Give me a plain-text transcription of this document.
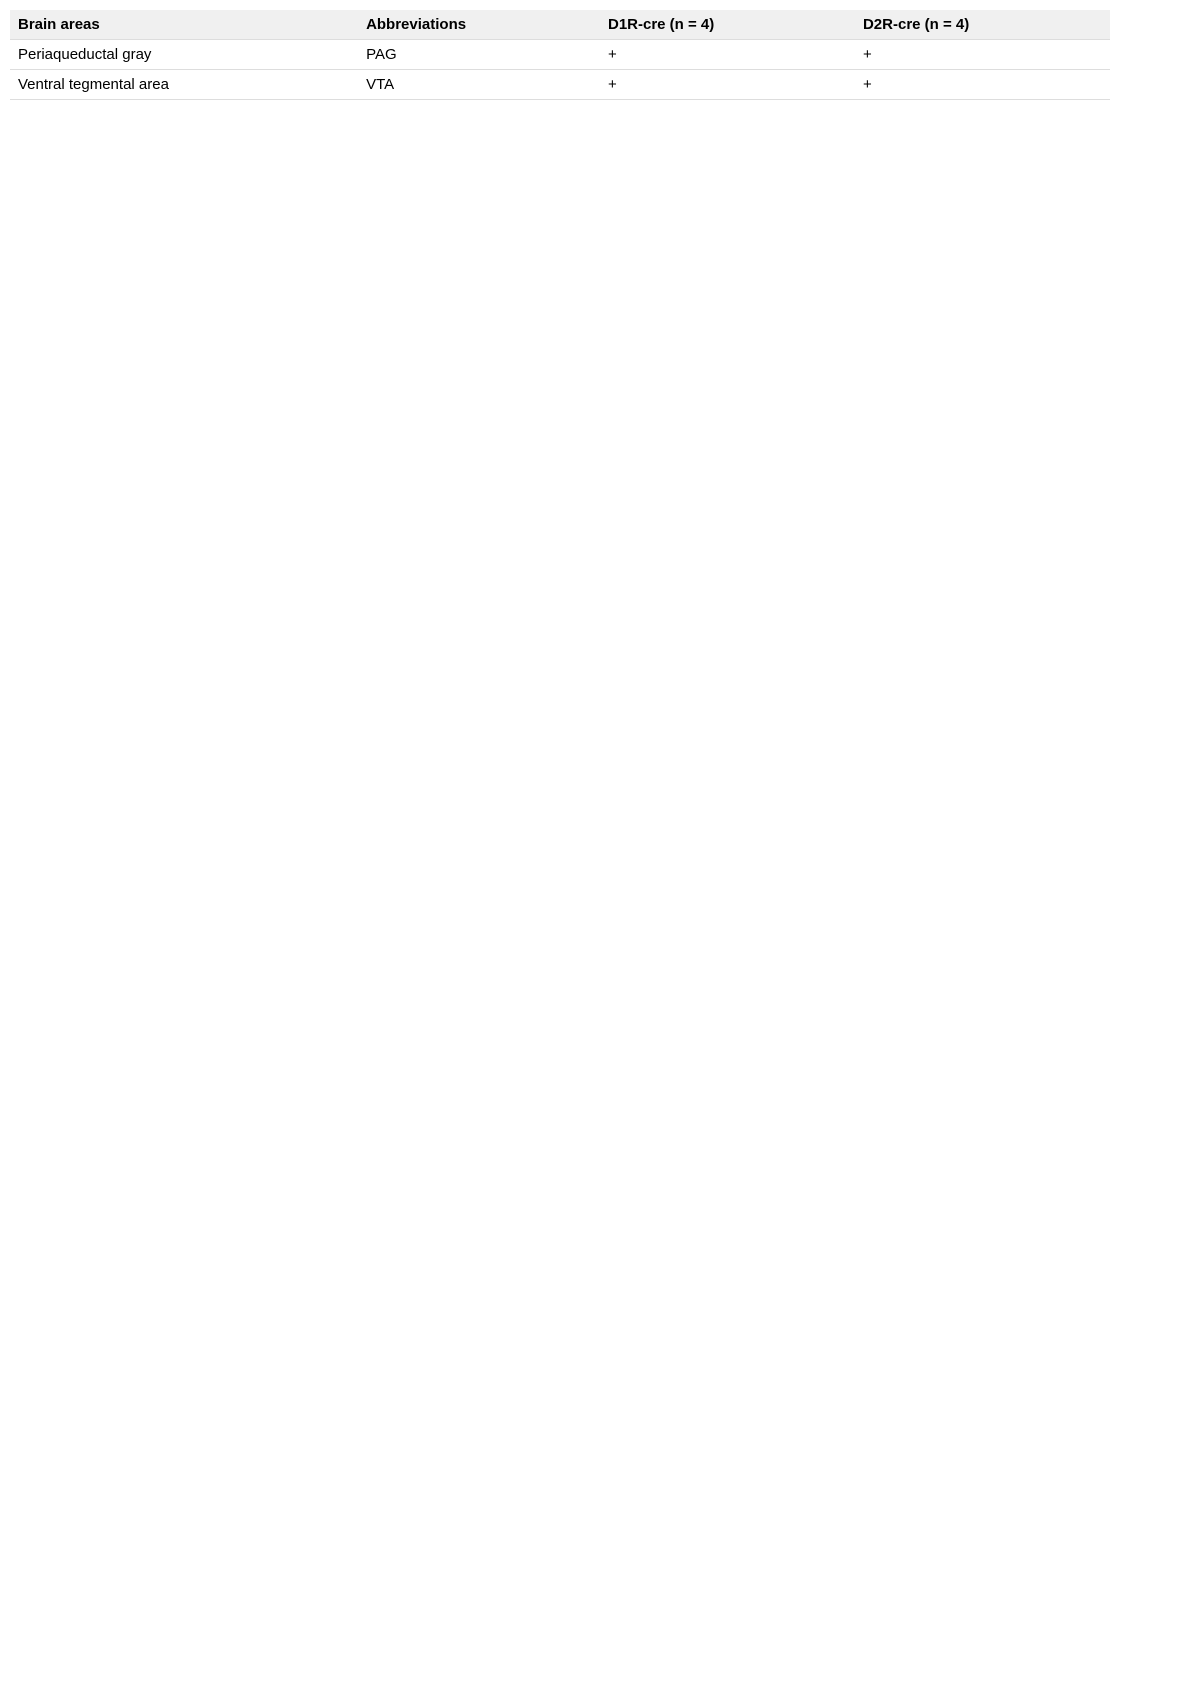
Brain areas	Abbreviations	D1R-cre (n = 4)	D2R-cre (n = 4)
Periaqueductal gray	PAG	+	+
Ventral tegmental area	VTA	+	+
